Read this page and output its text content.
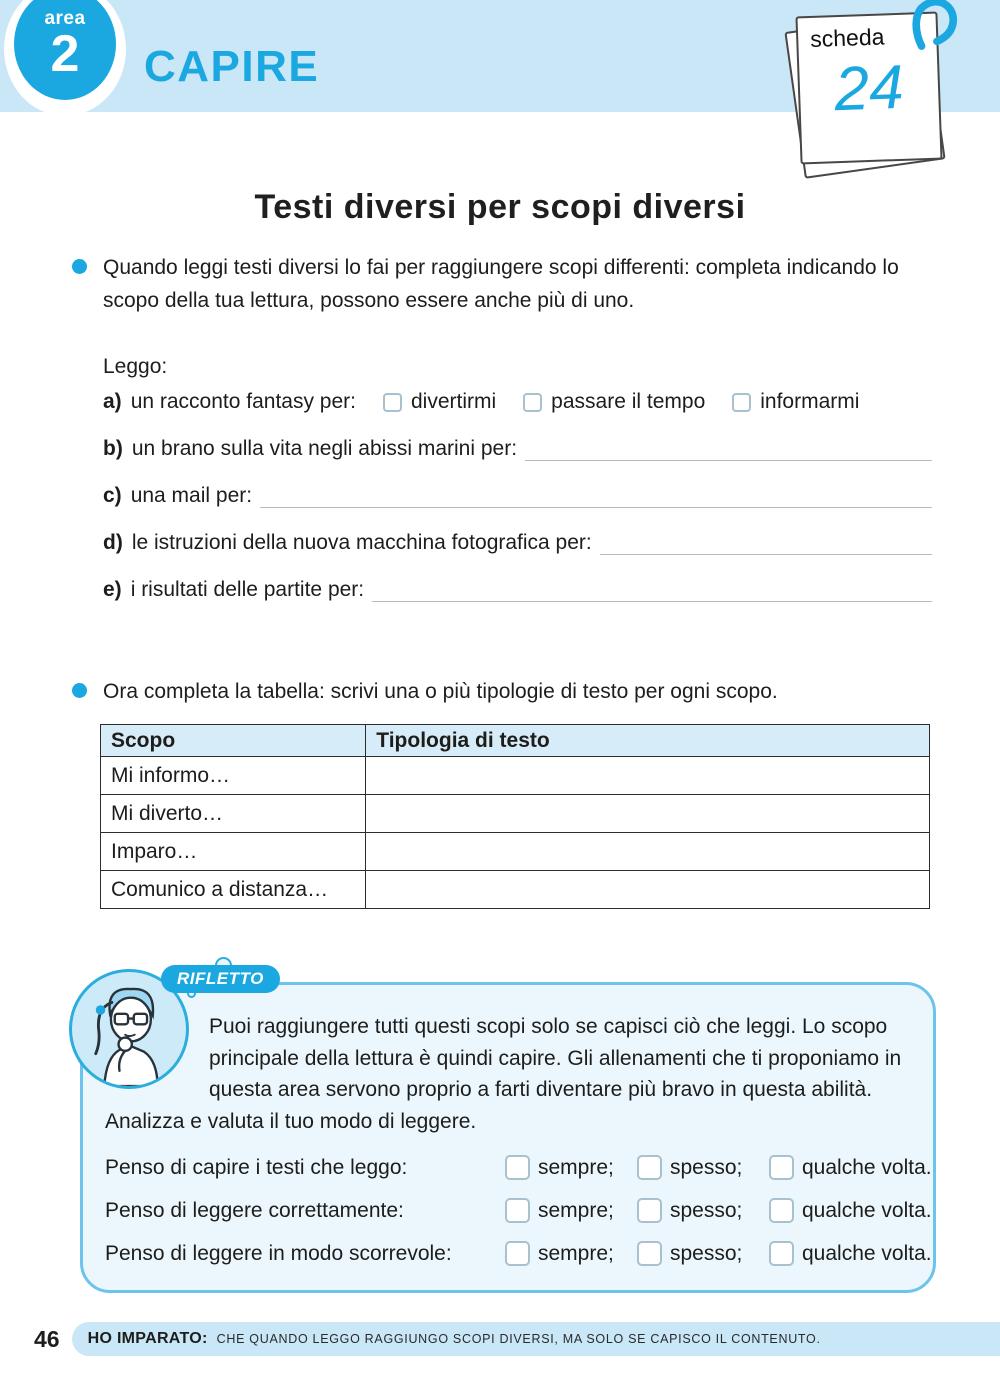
area
2	CAPIRE
scheda
24
Testi diversi per scopi diversi

Quando leggi testi diversi lo fai per raggiungere scopi differenti: completa indicando lo scopo della tua lettura, possono essere anche più di uno.

Leggo:
a) un racconto fantasy per:	divertirmi	passare il tempo	informarmi
b) un brano sulla vita negli abissi marini per:
c) una mail per:
d) le istruzioni della nuova macchina fotografica per:
e) i risultati delle partite per:

Ora completa la tabella: scrivi una o più tipologie di testo per ogni scopo.

Scopo	Tipologia di testo
Mi informo…	
Mi diverto…	
Imparo…	
Comunico a distanza…	
RIFLETTO

Puoi raggiungere tutti questi scopi solo se capisci ciò che leggi. Lo scopo principale della lettura è quindi capire. Gli allenamenti che ti proponiamo in questa area servono proprio a farti diventare più bravo in questa abilità. Analizza e valuta il tuo modo di leggere.

Penso di capire i testi che leggo:	sempre;	spesso;	qualche volta.
Penso di leggere correttamente:	sempre;	spesso;	qualche volta.
Penso di leggere in modo scorrevole:	sempre;	spesso;	qualche volta.
46 HO IMPARATO: CHE QUANDO LEGGO RAGGIUNGO SCOPI DIVERSI, MA SOLO SE CAPISCO IL CONTENUTO.
